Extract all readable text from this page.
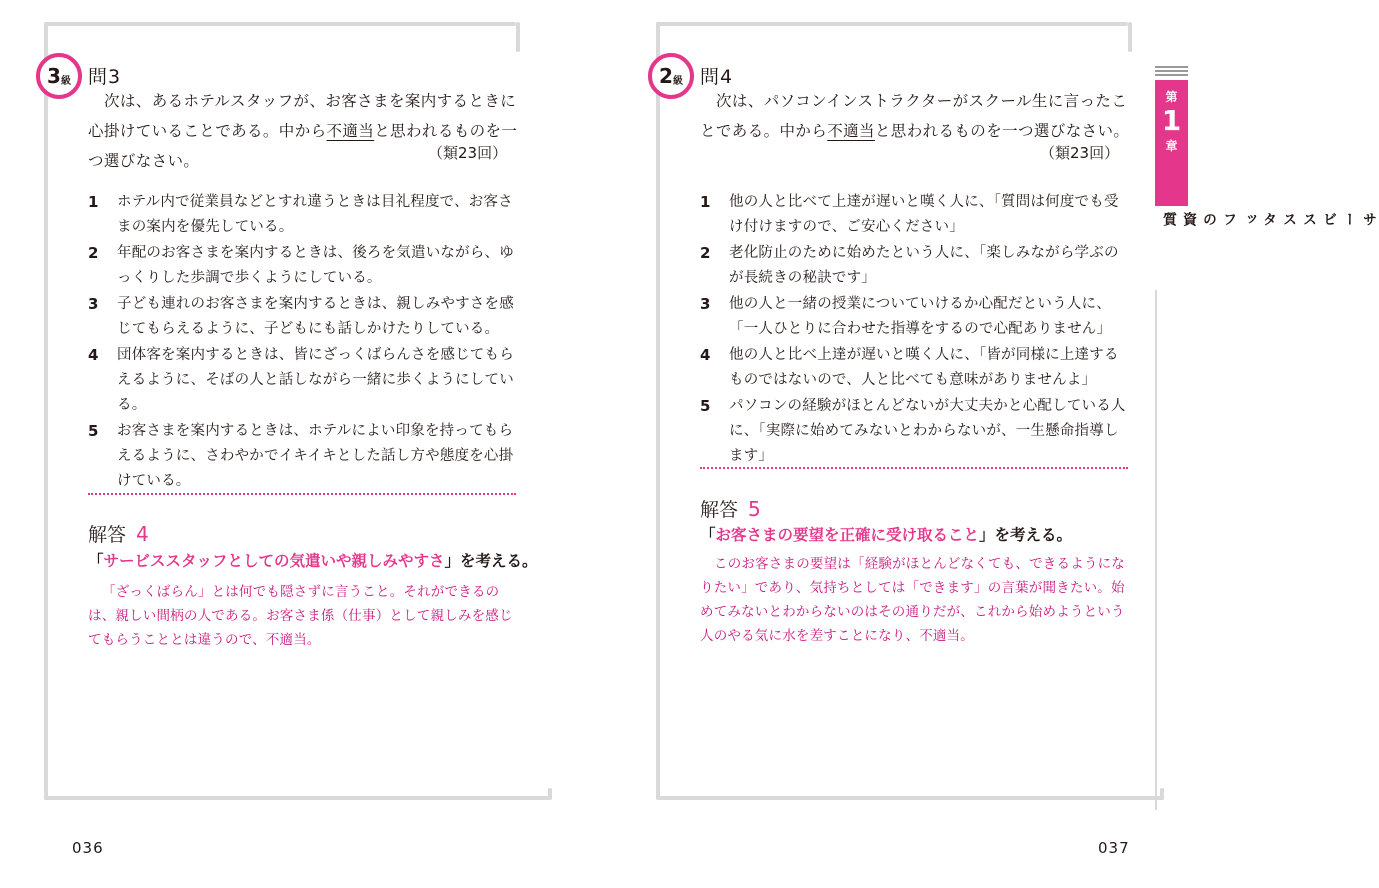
3 級 問3
次は、あるホテルスタッフが、お客さまを案内するときに心掛けていることである。中から不適当と思われるものを一つ選びなさい。	（類23回）
1 ホテル内で従業員などとすれ違うときは目礼程度で、お客さまの案内を優先している。
2 年配のお客さまを案内するときは、後ろを気遣いながら、ゆっくりした歩調で歩くようにしている。
3 子ども連れのお客さまを案内するときは、親しみやすさを感じてもらえるように、子どもにも話しかけたりしている。
4 団体客を案内するときは、皆にざっくばらんさを感じてもらえるように、そばの人と話しながら一緒に歩くようにしている。
5 お客さまを案内するときは、ホテルによい印象を持ってもらえるように、さわやかでイキイキとした話し方や態度を心掛けている。
解答 4
「サービススタッフとしての気遣いや親しみやすさ」を考える。
「ざっくばらん」とは何でも隠さずに言うこと。それができるのは、親しい間柄の人である。お客さま係（仕事）として親しみを感じてもらうこととは違うので、不適当。
036
2 級 問4
次は、パソコンインストラクターがスクール生に言ったことである。中から不適当と思われるものを一つ選びなさい。
（類23回）
1 他の人と比べて上達が遅いと嘆く人に、「質問は何度でも受け付けますので、ご安心ください」
2 老化防止のために始めたという人に、「楽しみながら学ぶのが長続きの秘訣です」
3 他の人と一緒の授業についていけるか心配だという人に、「一人ひとりに合わせた指導をするので心配ありません」
4 他の人と比べ上達が遅いと嘆く人に、「皆が同様に上達するものではないので、人と比べても意味がありませんよ」
5 パソコンの経験がほとんどないが大丈夫かと心配している人に、「実際に始めてみないとわからないが、一生懸命指導します」
解答 5
「お客さまの要望を正確に受け取ること」を考える。
このお客さまの要望は「経験がほとんどなくても、できるようになりたい」であり、気持ちとしては「できます」の言葉が聞きたい。始めてみないとわからないのはその通りだが、これから始めようという人のやる気に水を差すことになり、不適当。
037
第
1
章
サービススタッフの資質
